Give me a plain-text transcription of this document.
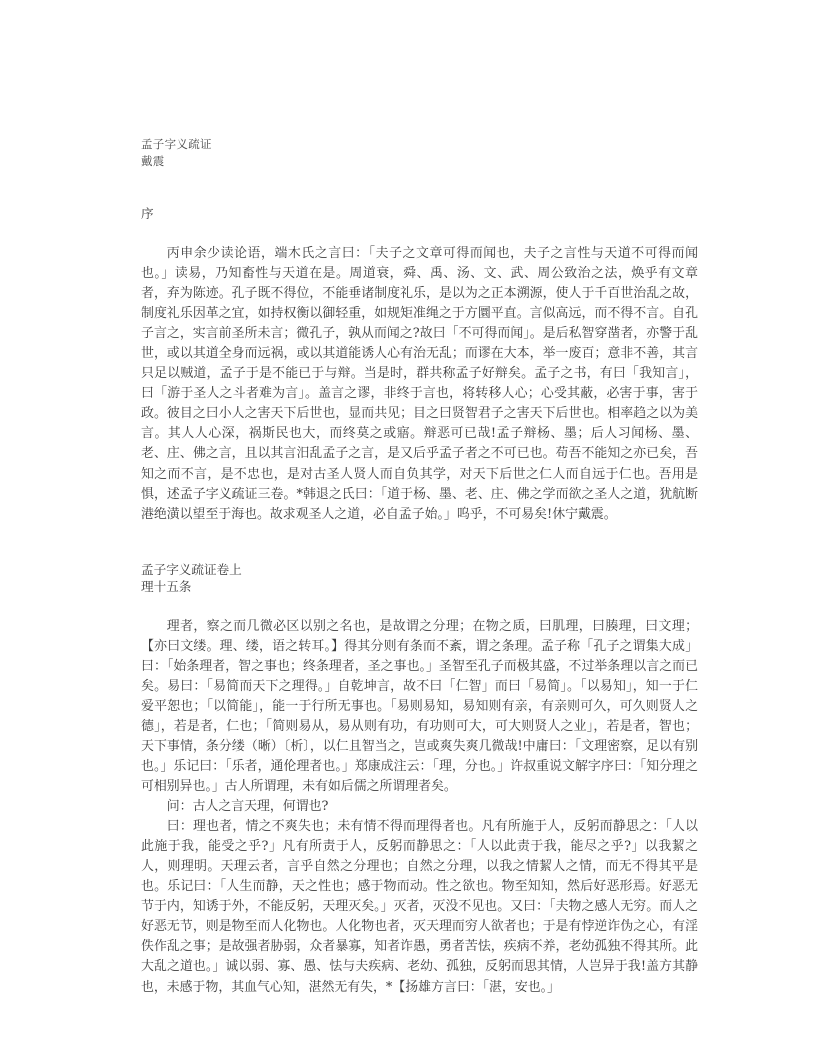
孟子字义疏证
戴震
序

丙申余少读论语，端木氏之言曰：「夫子之文章可得而闻也，夫子之言性与天道不可得而闻也。」读易，乃知畜性与天道在是。周道衰，舜、禹、汤、文、武、周公致治之法，焕乎有文章者，弃为陈迹。孔子既不得位，不能垂诸制度礼乐，是以为之正本溯源，使人于千百世治乱之故，制度礼乐因革之宜，如持权衡以御轻重，如规矩准绳之于方圜平直。言似高远，而不得不言。自孔子言之，实言前圣所未言；微孔子，孰从而闻之?故曰「不可得而闻」。是后私智穿凿者，亦警于乱世，或以其道全身而远祸，或以其道能诱人心有治无乱；而谬在大本，举一废百；意非不善，其言只足以贼道，孟子于是不能已于与辩。当是时，群共称孟子好辩矣。孟子之书，有曰「我知言」，曰「游于圣人之斗者难为言」。盖言之谬，非终于言也，将转移人心；心受其蔽，必害于事，害于政。彼目之曰小人之害天下后世也，显而共见；目之曰贤智君子之害天下后世也。相率趋之以为美言。其人人心深，祸斯民也大，而终莫之或寤。辩恶可已哉!孟子辩杨、墨；后人习闻杨、墨、老、庄、佛之言，且以其言汨乱孟子之言，是又后乎孟子者之不可已也。苟吾不能知之亦已矣，吾知之而不言，是不忠也，是对古圣人贤人而自负其学，对天下后世之仁人而自远于仁也。吾用是惧，述孟子字义疏证三卷。*韩退之氏曰：「道于杨、墨、老、庄、佛之学而欲之圣人之道，犹航断港绝潢以望至于海也。故求观圣人之道，必自孟子始。」呜乎，不可易矣!休宁戴震。

孟子字义疏证卷上
理十五条

理者，察之而几微必区以别之名也，是故谓之分理；在物之质，曰肌理，曰腠理，曰文理；【亦曰文缕。理、缕，语之转耳。】得其分则有条而不紊，谓之条理。孟子称「孔子之谓集大成」曰：「始条理者，智之事也；终条理者，圣之事也。」圣智至孔子而极其盛，不过举条理以言之而已矣。易曰：「易简而天下之理得。」自乾坤言，故不曰「仁智」而曰「易简」。「以易知」，知一于仁爱平恕也；「以简能」，能一于行所无事也。「易则易知，易知则有亲，有亲则可久，可久则贤人之德」，若是者，仁也；「简则易从，易从则有功，有功则可大，可大则贤人之业」，若是者，智也；天下事情，条分缕（晰）〔析〕，以仁且智当之，岂或爽失爽几微哉!中庸曰：「文理密察，足以有别也。」乐记曰：「乐者，通伦理者也。」郑康成注云：「理，分也。」许叔重说文解字序曰：「知分理之可相别异也。」古人所谓理，未有如后儒之所谓理者矣。

问：古人之言天理，何谓也?

曰：理也者，情之不爽失也；未有情不得而理得者也。凡有所施于人，反躬而静思之：「人以此施于我，能受之乎?」凡有所责于人，反躬而静思之：「人以此责于我，能尽之乎?」以我絜之人，则理明。天理云者，言乎自然之分理也；自然之分理，以我之情絜人之情，而无不得其平是也。乐记曰：「人生而静，天之性也；感于物而动。性之欲也。物至知知，然后好恶形焉。好恶无节于内，知诱于外，不能反躬，天理灭矣。」灭者，灭没不见也。又曰：「夫物之感人无穷。而人之好恶无节，则是物至而人化物也。人化物也者，灭天理而穷人欲者也；于是有悖逆诈伪之心，有淫佚作乱之事；是故强者胁弱，众者暴寡，知者诈愚，勇者苦怯，疾病不养，老幼孤独不得其所。此大乱之道也。」诚以弱、寡、愚、怯与夫疾病、老幼、孤独，反躬而思其情，人岂异于我!盖方其静也，未感于物，其血气心知，湛然无有失，*【扬雄方言曰：「湛，安也。」
